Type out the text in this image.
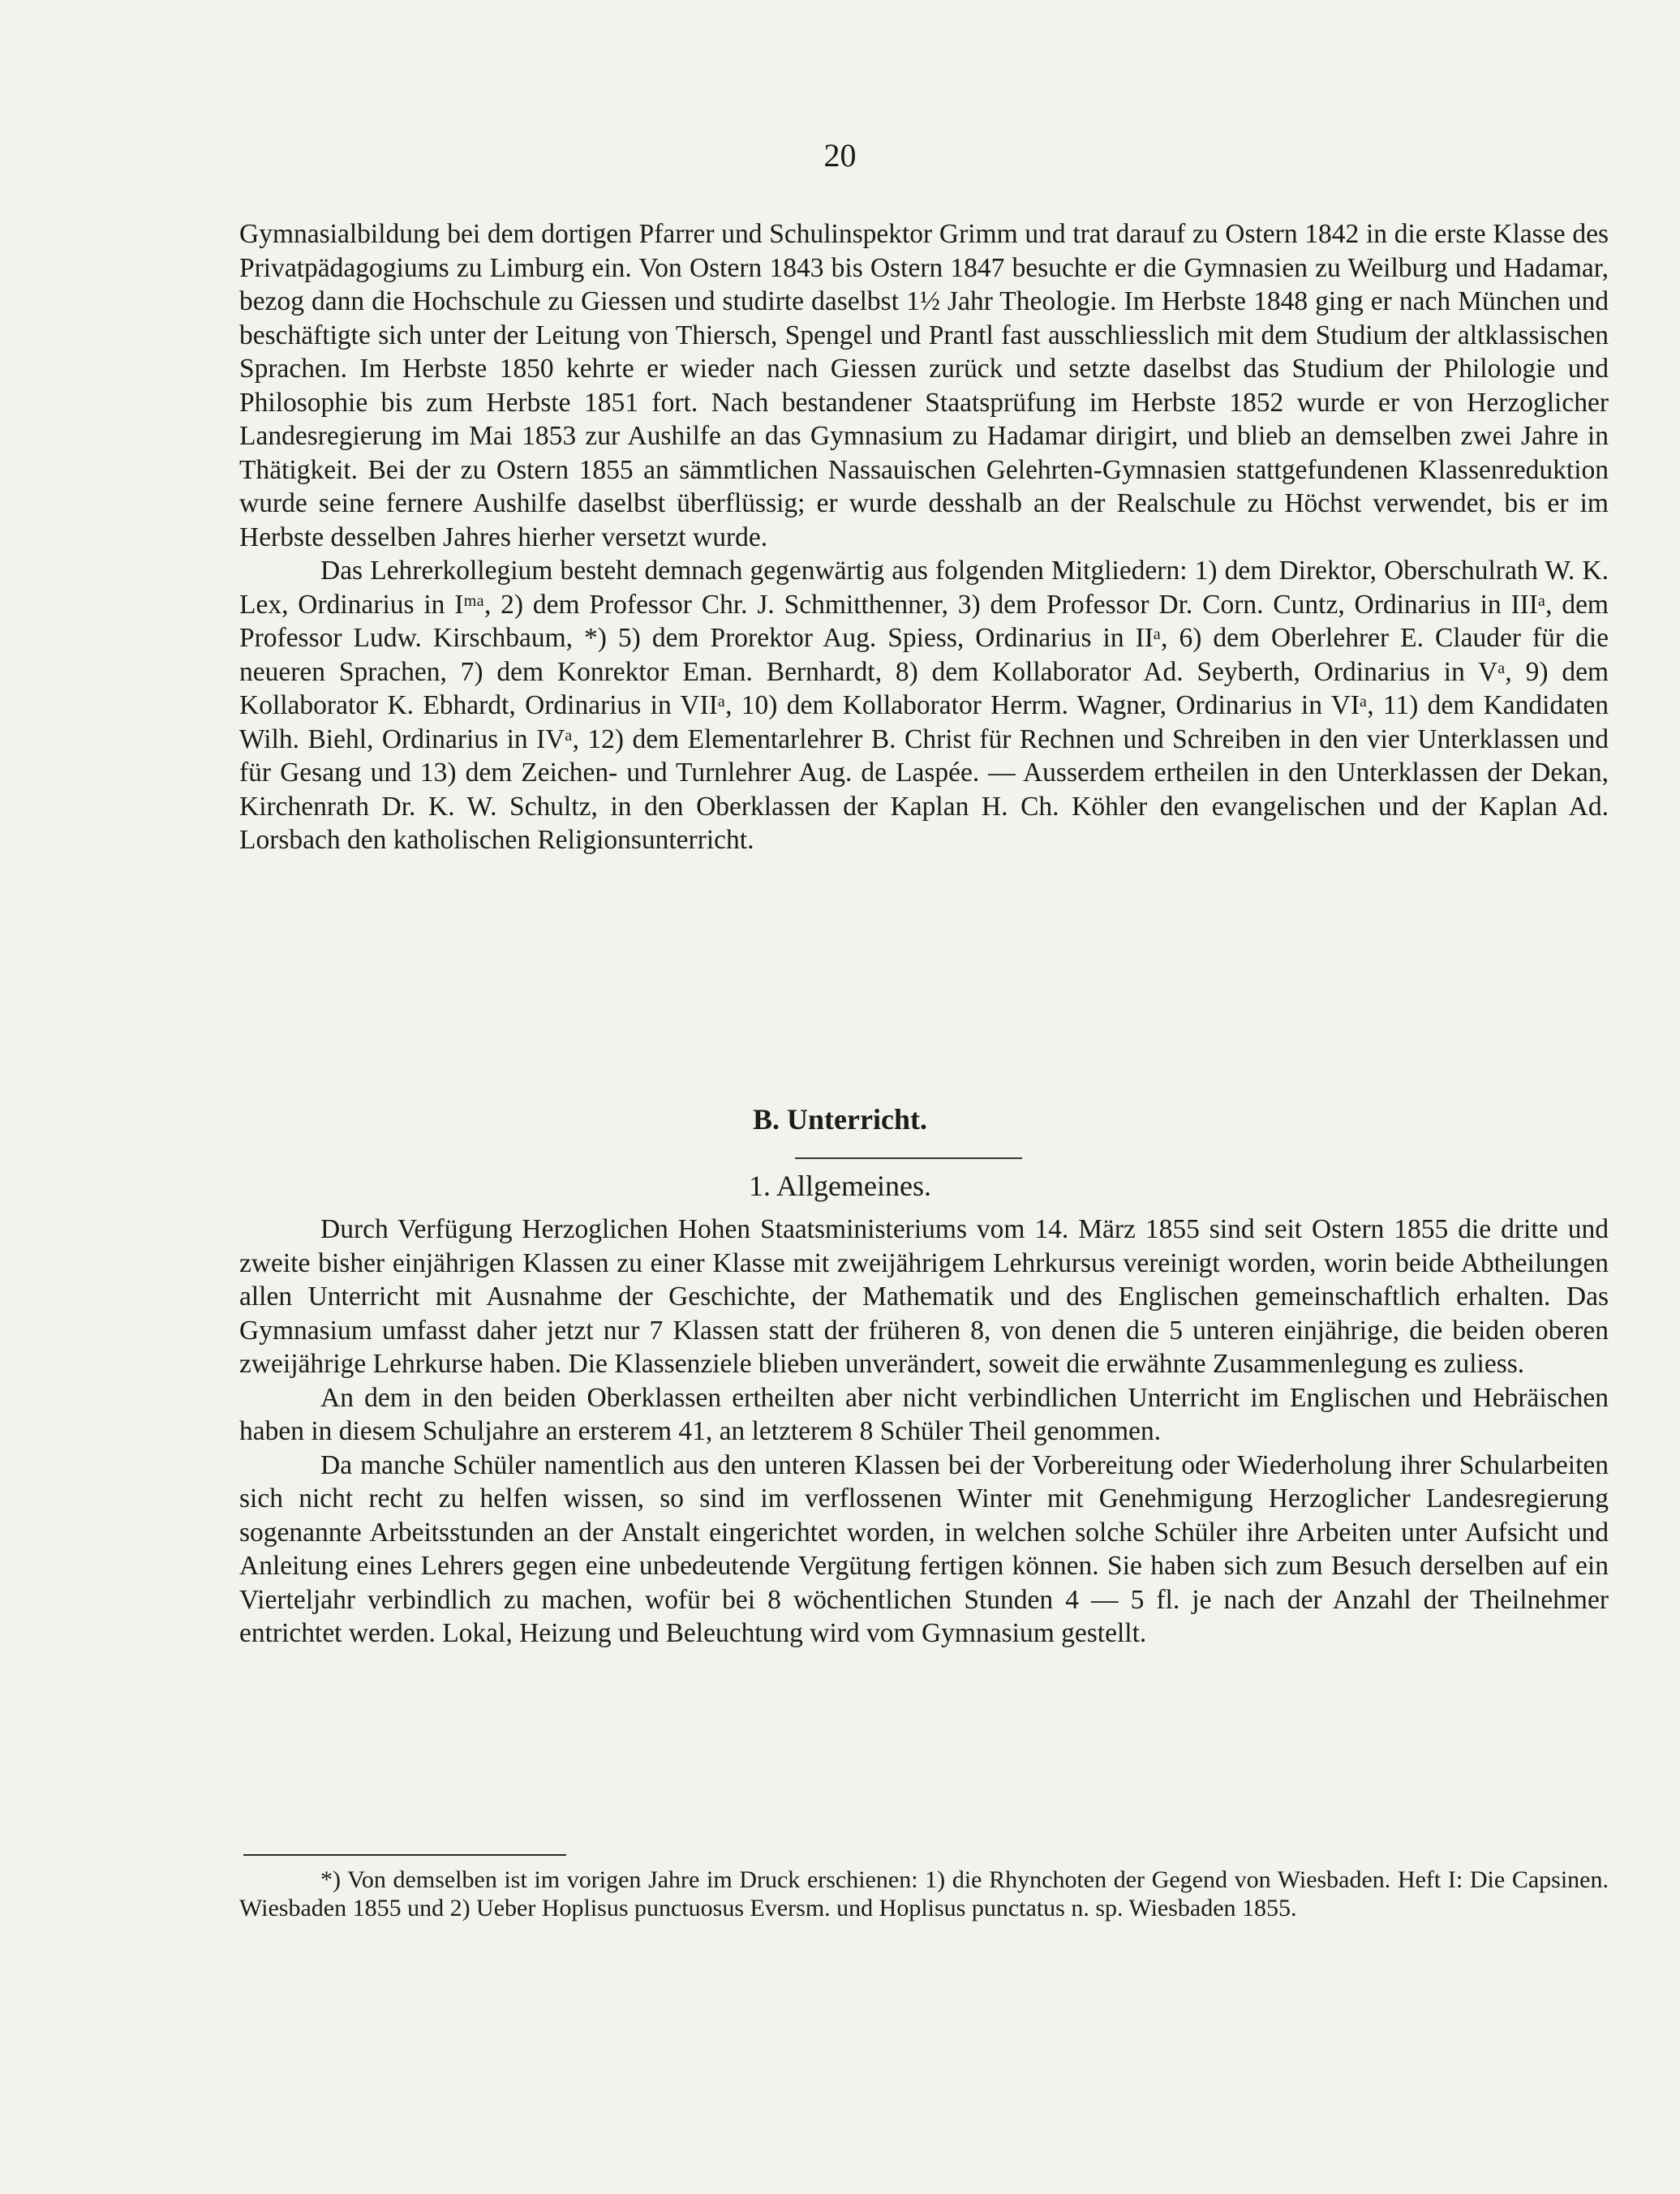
20

Gymnasialbildung bei dem dortigen Pfarrer und Schulinspektor Grimm und trat darauf zu Ostern 1842 in die erste Klasse des Privatpädagogiums zu Limburg ein. Von Ostern 1843 bis Ostern 1847 besuchte er die Gymnasien zu Weilburg und Hadamar, bezog dann die Hochschule zu Giessen und studirte daselbst 1½ Jahr Theologie. Im Herbste 1848 ging er nach München und beschäftigte sich unter der Leitung von Thiersch, Spengel und Prantl fast ausschliesslich mit dem Studium der altklassischen Sprachen. Im Herbste 1850 kehrte er wieder nach Giessen zurück und setzte daselbst das Studium der Philologie und Philosophie bis zum Herbste 1851 fort. Nach bestandener Staatsprüfung im Herbste 1852 wurde er von Herzoglicher Landesregierung im Mai 1853 zur Aushilfe an das Gymnasium zu Hadamar dirigirt, und blieb an demselben zwei Jahre in Thätigkeit. Bei der zu Ostern 1855 an sämmtlichen Nassauischen Gelehrten-Gymnasien stattgefundenen Klassenreduktion wurde seine fernere Aushilfe daselbst überflüssig; er wurde desshalb an der Realschule zu Höchst verwendet, bis er im Herbste desselben Jahres hierher versetzt wurde.

Das Lehrerkollegium besteht demnach gegenwärtig aus folgenden Mitgliedern: 1) dem Direktor, Oberschulrath W. K. Lex, Ordinarius in Iᵐᵃ, 2) dem Professor Chr. J. Schmitthenner, 3) dem Professor Dr. Corn. Cuntz, Ordinarius in IIIᵃ, dem Professor Ludw. Kirschbaum, *) 5) dem Prorektor Aug. Spiess, Ordinarius in IIᵃ, 6) dem Oberlehrer E. Clauder für die neueren Sprachen, 7) dem Konrektor Eman. Bernhardt, 8) dem Kollaborator Ad. Seyberth, Ordinarius in Vᵃ, 9) dem Kollaborator K. Ebhardt, Ordinarius in VIIᵃ, 10) dem Kollaborator Herrm. Wagner, Ordinarius in VIᵃ, 11) dem Kandidaten Wilh. Biehl, Ordinarius in IVᵃ, 12) dem Elementarlehrer B. Christ für Rechnen und Schreiben in den vier Unterklassen und für Gesang und 13) dem Zeichen- und Turnlehrer Aug. de Laspée. — Ausserdem ertheilen in den Unterklassen der Dekan, Kirchenrath Dr. K. W. Schultz, in den Oberklassen der Kaplan H. Ch. Köhler den evangelischen und der Kaplan Ad. Lorsbach den katholischen Religionsunterricht.

B. Unterricht.
1. Allgemeines.

Durch Verfügung Herzoglichen Hohen Staatsministeriums vom 14. März 1855 sind seit Ostern 1855 die dritte und zweite bisher einjährigen Klassen zu einer Klasse mit zweijährigem Lehrkursus vereinigt worden, worin beide Abtheilungen allen Unterricht mit Ausnahme der Geschichte, der Mathematik und des Englischen gemeinschaftlich erhalten. Das Gymnasium umfasst daher jetzt nur 7 Klassen statt der früheren 8, von denen die 5 unteren einjährige, die beiden oberen zweijährige Lehrkurse haben. Die Klassenziele blieben unverändert, soweit die erwähnte Zusammenlegung es zuliess.

An dem in den beiden Oberklassen ertheilten aber nicht verbindlichen Unterricht im Englischen und Hebräischen haben in diesem Schuljahre an ersterem 41, an letzterem 8 Schüler Theil genommen.

Da manche Schüler namentlich aus den unteren Klassen bei der Vorbereitung oder Wiederholung ihrer Schularbeiten sich nicht recht zu helfen wissen, so sind im verflossenen Winter mit Genehmigung Herzoglicher Landesregierung sogenannte Arbeitsstunden an der Anstalt eingerichtet worden, in welchen solche Schüler ihre Arbeiten unter Aufsicht und Anleitung eines Lehrers gegen eine unbedeutende Vergütung fertigen können. Sie haben sich zum Besuch derselben auf ein Vierteljahr verbindlich zu machen, wofür bei 8 wöchentlichen Stunden 4 — 5 fl. je nach der Anzahl der Theilnehmer entrichtet werden. Lokal, Heizung und Beleuchtung wird vom Gymnasium gestellt.

*) Von demselben ist im vorigen Jahre im Druck erschienen: 1) die Rhynchoten der Gegend von Wiesbaden. Heft I: Die Capsinen. Wiesbaden 1855 und 2) Ueber Hoplisus punctuosus Eversm. und Hoplisus punctatus n. sp. Wiesbaden 1855.
